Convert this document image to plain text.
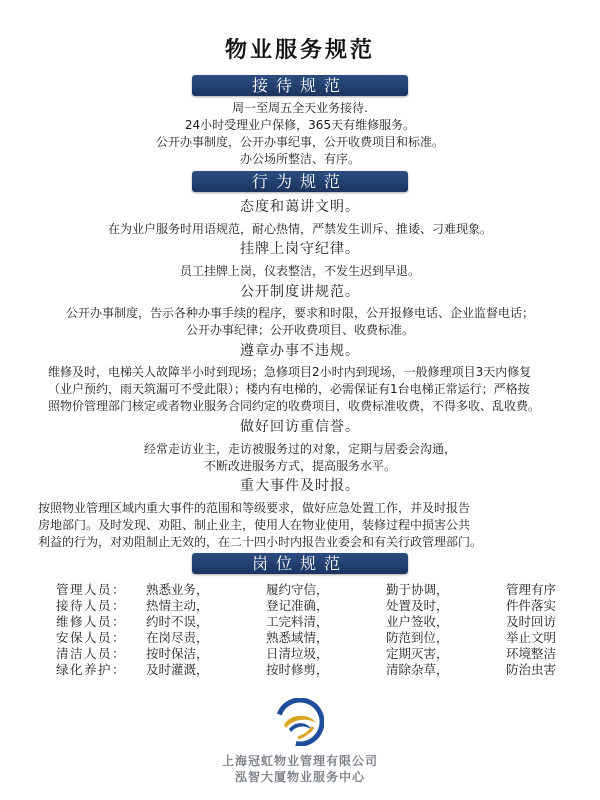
物业服务规范
接待规范
周一至周五全天业务接待.
24小时受理业户保修，365天有维修服务。
公开办事制度，公开办事纪事，公开收费项目和标准。
办公场所整洁、有序。
行为规范
态度和蔼讲文明。
在为业户服务时用语规范，耐心热情，严禁发生训斥、推诿、刁难现象。
挂牌上岗守纪律。
员工挂牌上岗，仪表整洁，不发生迟到早退。
公开制度讲规范。
公开办事制度，告示各种办事手续的程序，要求和时限，公开报修电话、企业监督电话；
公开办事纪律；公开收费项目、收费标准。
遵章办事不违规。
维修及时，电梯关人故障半小时到现场；急修项目2小时内到现场，一般修理项目3天内修复
（业户预约，雨天筑漏可不受此限）；楼内有电梯的，必需保证有1台电梯正常运行；严格按
照物价管理部门核定或者物业服务合同约定的收费项目，收费标准收费，不得多收、乱收费。
做好回访重信誉。
经常走访业主，走访被服务过的对象，定期与居委会沟通，
不断改进服务方式，提高服务水平。
重大事件及时报。
按照物业管理区域内重大事件的范围和等级要求，做好应急处置工作，并及时报告
房地部门。及时发现、劝阻、制止业主，使用人在物业使用，装修过程中损害公共
利益的行为，对劝阻制止无效的，在二十四小时内报告业委会和有关行政管理部门。
岗位规范
管理人员：	熟悉业务，	履约守信，	勤于协调，	管理有序
接待人员：	热情主动，	登记准确，	处置及时，	件件落实
维修人员：	约时不误，	工完料清，	业户签收，	及时回访
安保人员：	在岗尽责，	熟悉域情，	防范到位，	举止文明
清洁人员：	按时保洁，	日清垃圾，	定期灭害，	环境整洁
绿化养护：	及时灌溉，	按时修剪，	清除杂草，	防治虫害
上海冠虹物业管理有限公司
泓智大厦物业服务中心
